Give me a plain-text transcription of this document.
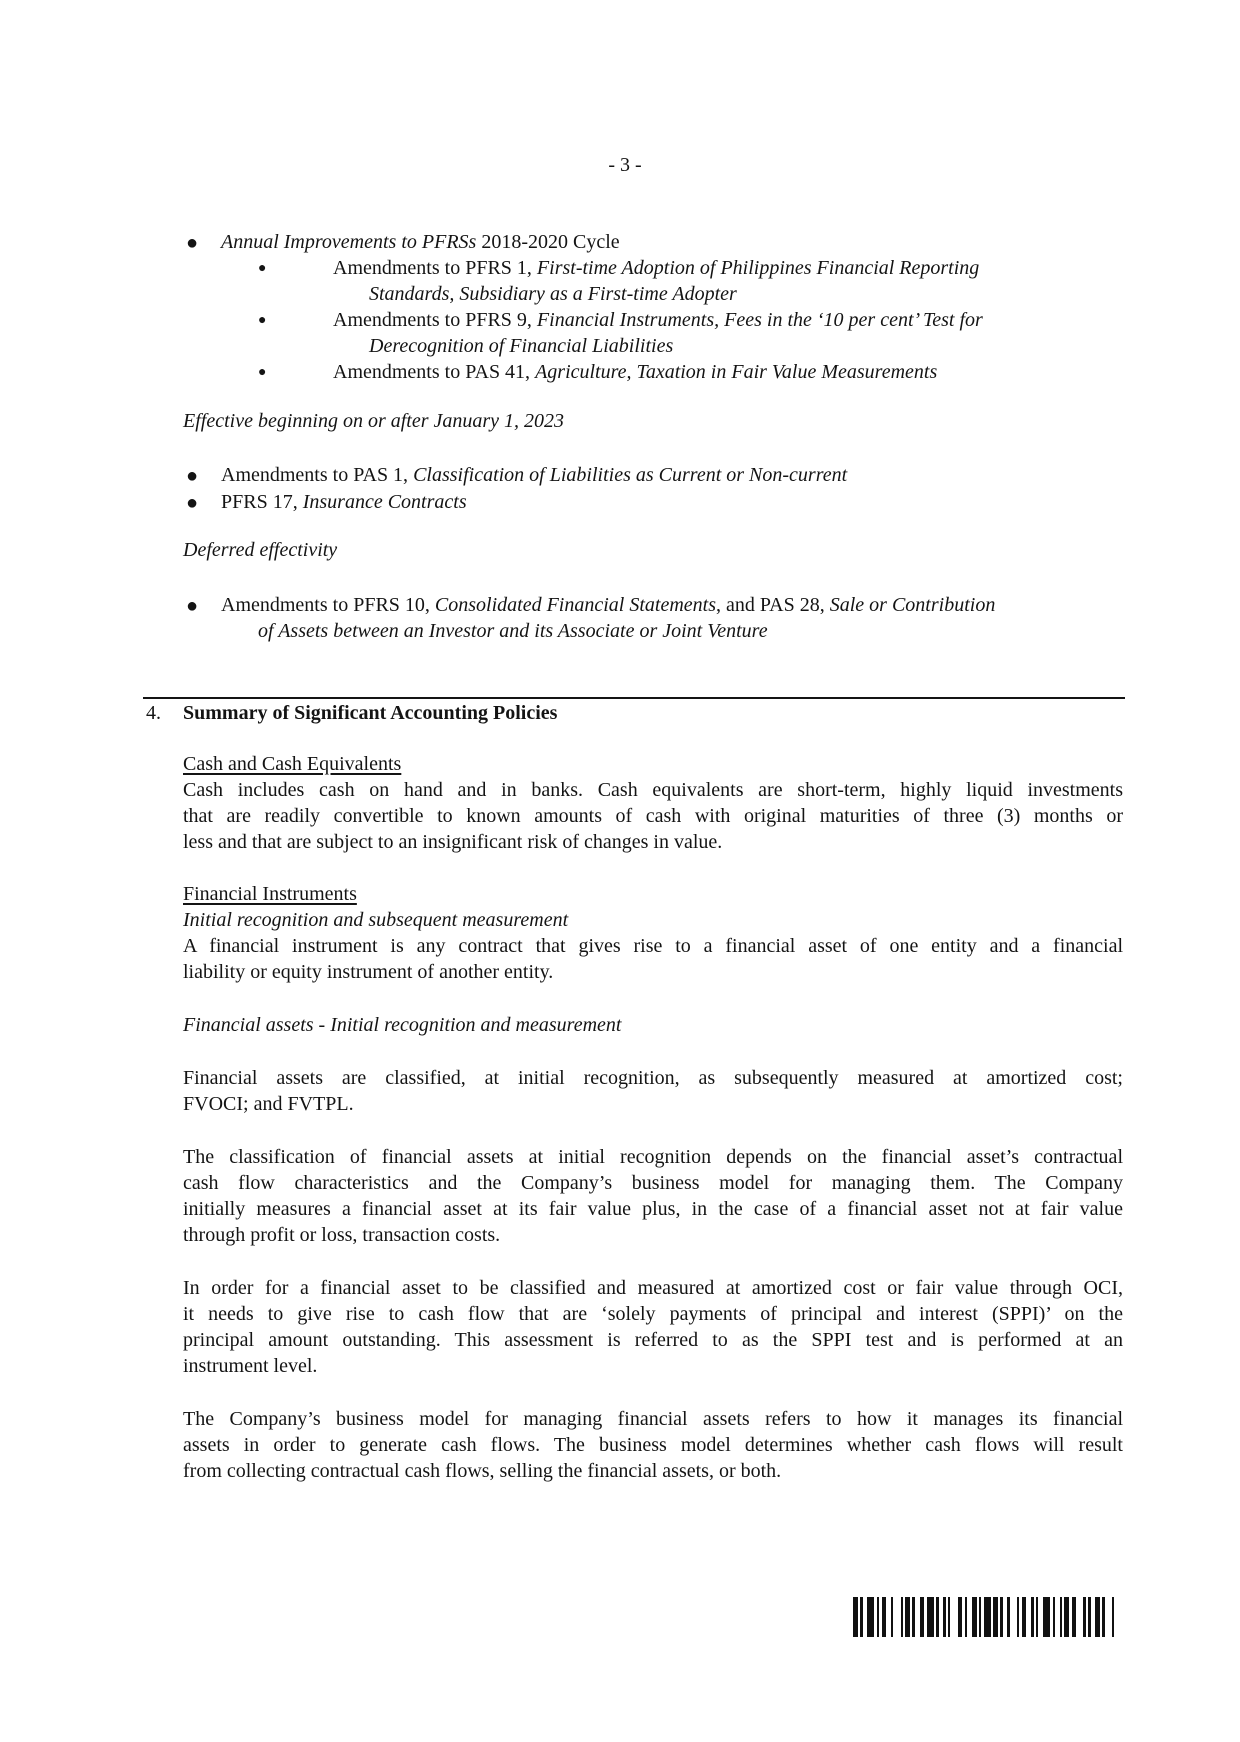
- 3 -
● Annual Improvements to PFRSs 2018-2020 Cycle
●	Amendments to PFRS 1, First-time Adoption of Philippines Financial Reporting
Standards, Subsidiary as a First-time Adopter
●	Amendments to PFRS 9, Financial Instruments, Fees in the ‘10 per cent’ Test for
Derecognition of Financial Liabilities
●	Amendments to PAS 41, Agriculture, Taxation in Fair Value Measurements
Effective beginning on or after January 1, 2023
● Amendments to PAS 1, Classification of Liabilities as Current or Non-current
● PFRS 17, Insurance Contracts
Deferred effectivity
● Amendments to PFRS 10, Consolidated Financial Statements, and PAS 28, Sale or Contribution
of Assets between an Investor and its Associate or Joint Venture
4. Summary of Significant Accounting Policies
Cash and Cash Equivalents
Cash includes cash on hand and in banks. Cash equivalents are short-term, highly liquid investments
that are readily convertible to known amounts of cash with original maturities of three (3) months or
less and that are subject to an insignificant risk of changes in value.
Financial Instruments
Initial recognition and subsequent measurement
A financial instrument is any contract that gives rise to a financial asset of one entity and a financial
liability or equity instrument of another entity.
Financial assets - Initial recognition and measurement
Financial assets are classified, at initial recognition, as subsequently measured at amortized cost;
FVOCI; and FVTPL.
The classification of financial assets at initial recognition depends on the financial asset’s contractual
cash flow characteristics and the Company’s business model for managing them. The Company
initially measures a financial asset at its fair value plus, in the case of a financial asset not at fair value
through profit or loss, transaction costs.
In order for a financial asset to be classified and measured at amortized cost or fair value through OCI,
it needs to give rise to cash flow that are ‘solely payments of principal and interest (SPPI)’ on the
principal amount outstanding. This assessment is referred to as the SPPI test and is performed at an
instrument level.
The Company’s business model for managing financial assets refers to how it manages its financial
assets in order to generate cash flows. The business model determines whether cash flows will result
from collecting contractual cash flows, selling the financial assets, or both.
